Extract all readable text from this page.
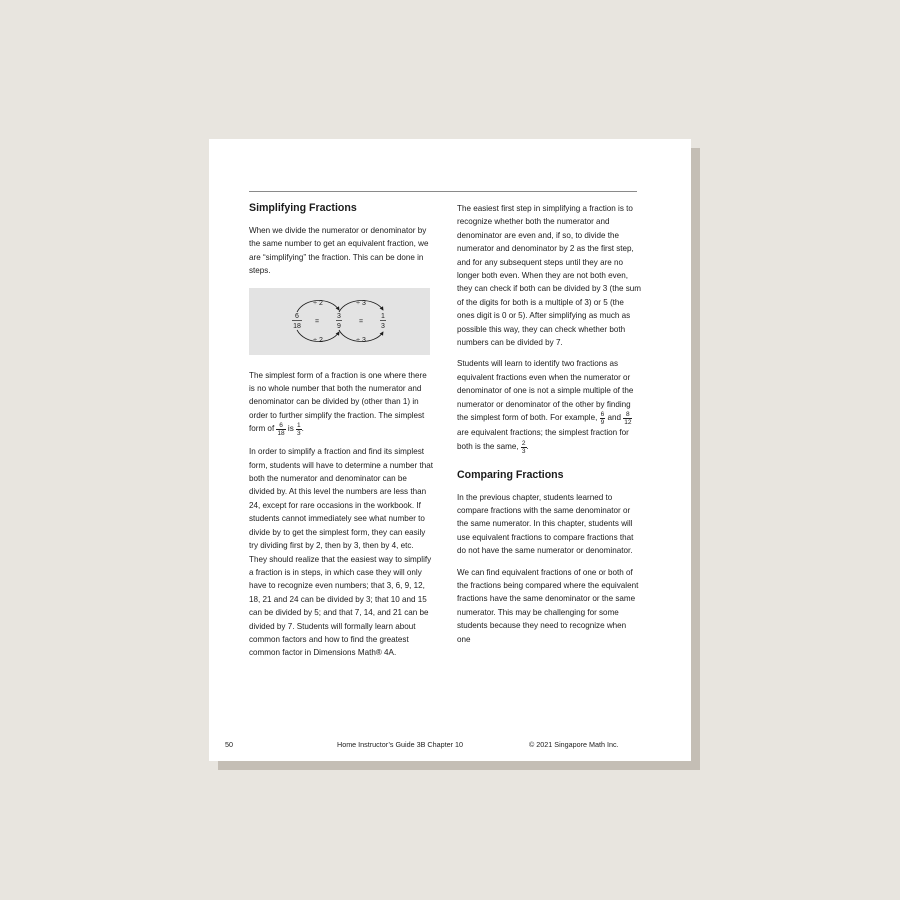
Simplifying Fractions

When we divide the numerator or denominator by the same number to get an equivalent fraction, we are “simplifying” the fraction. This can be done in steps.

÷ 2	÷ 3
÷ 2	÷ 3
6
18
=
3
9
=
1
3

The simplest form of a fraction is one where there is no whole number that both the numerator and denominator can be divided by (other than 1) in order to further simplify the fraction. The simplest form of $\frac{6}{18}$ is $\frac{1}{3}$ .

In order to simplify a fraction and find its simplest form, students will have to determine a number that both the numerator and denominator can be divided by. At this level the numbers are less than 24, except for rare occasions in the workbook. If students cannot immediately see what number to divide by to get the simplest form, they can easily try dividing first by 2, then by 3, then by 4, etc. They should realize that the easiest way to simplify a fraction is in steps, in which case they will only have to recognize even numbers; that 3, 6, 9, 12, 18, 21 and 24 can be divided by 3; that 10 and 15 can be divided by 5; and that 7, 14, and 21 can be divided by 7. Students will formally learn about common factors and how to find the greatest common factor in Dimensions Math® 4A.

The easiest first step in simplifying a fraction is to recognize whether both the numerator and denominator are even and, if so, to divide the numerator and denominator by 2 as the first step, and for any subsequent steps until they are no longer both even. When they are not both even, they can check if both can be divided by 3 (the sum of the digits for both is a multiple of 3) or 5 (the ones digit is 0 or 5). After simplifying as much as possible this way, they can check whether both numbers can be divided by 7.

Students will learn to identify two fractions as equivalent fractions even when the numerator or denominator of one is not a simple multiple of the numerator or denominator of the other by finding the simplest form of both. For example, $\frac{6}{9}$ and $\frac{8}{12}$
are equivalent fractions; the simplest fraction for both is the same, $\frac{2}{3}$ .

Comparing Fractions

In the previous chapter, students learned to compare fractions with the same denominator or the same numerator. In this chapter, students will use equivalent fractions to compare fractions that do not have the same numerator or denominator.

We can find equivalent fractions of one or both of the fractions being compared where the equivalent fractions have the same denominator or the same numerator. This may be challenging for some students because they need to recognize when one

50	Home Instructor’s Guide 3B Chapter 10	© 2021 Singapore Math Inc.
